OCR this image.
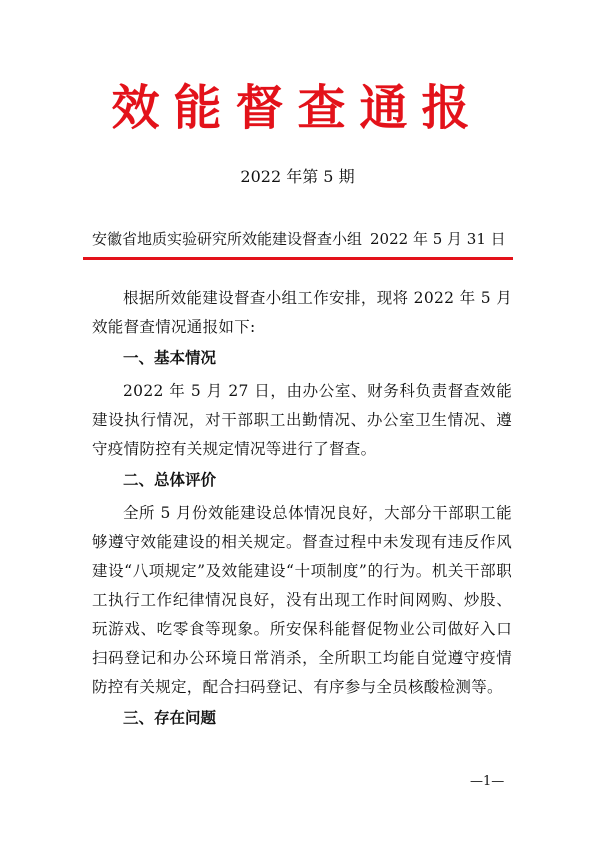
效能督查通报
2022 年第 5 期
安徽省地质实验研究所效能建设督查小组 2022 年 5 月 31 日

根据所效能建设督查小组工作安排，现将 2022 年 5 月效能督查情况通报如下:

一、基本情况

2022 年 5 月 27 日，由办公室、财务科负责督查效能建设执行情况，对干部职工出勤情况、办公室卫生情况、遵守疫情防控有关规定情况等进行了督查。

二、总体评价

全所 5 月份效能建设总体情况良好，大部分干部职工能够遵守效能建设的相关规定。督查过程中未发现有违反作风建设“八项规定”及效能建设“十项制度”的行为。机关干部职工执行工作纪律情况良好，没有出现工作时间网购、炒股、玩游戏、吃零食等现象。所安保科能督促物业公司做好入口扫码登记和办公环境日常消杀，全所职工均能自觉遵守疫情防控有关规定，配合扫码登记、有序参与全员核酸检测等。

三、存在问题

—1—
